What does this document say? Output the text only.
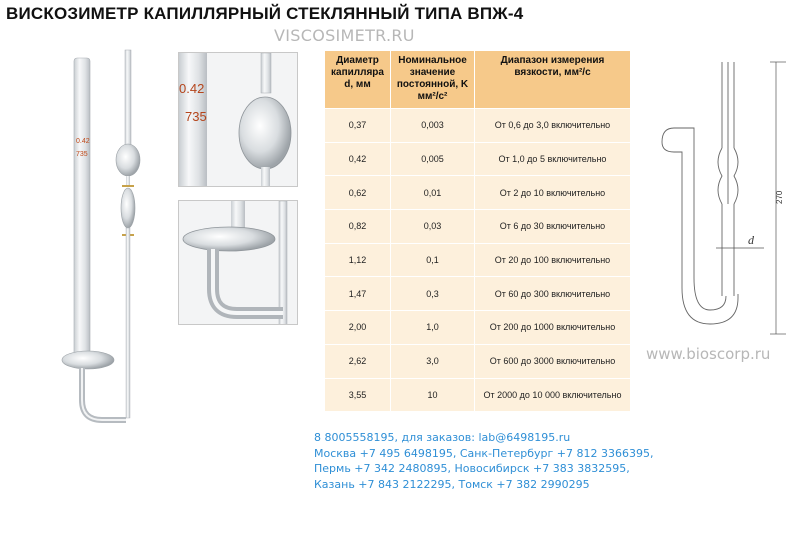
ВИСКОЗИМЕТР КАПИЛЛЯРНЫЙ СТЕКЛЯННЫЙ ТИПА ВПЖ-4
VISCOSIMETR.RU
0.42
735
0.42
735
Диаметр капилляра d, мм	Номинальное значение постоянной, K мм²/с²	Диапазон измерения вязкости, мм²/с
0,37	0,003	От 0,6 до 3,0 включительно
0,42	0,005	От 1,0 до 5 включительно
0,62	0,01	От 2 до 10 включительно
0,82	0,03	От 6 до 30 включительно
1,12	0,1	От 20 до 100 включительно
1,47	0,3	От 60 до 300 включительно
2,00	1,0	От 200 до 1000 включительно
2,62	3,0	От 600 до 3000 включительно
3,55	10	От 2000 до 10 000 включительно
270
d
www.bioscorp.ru
8 8005558195, для заказов: lab@6498195.ru
Москва +7 495 6498195, Санк-Петербург +7 812 3366395,
Пермь +7 342 2480895, Новосибирск +7 383 3832595,
Казань +7 843 2122295, Томск +7 382 2990295
